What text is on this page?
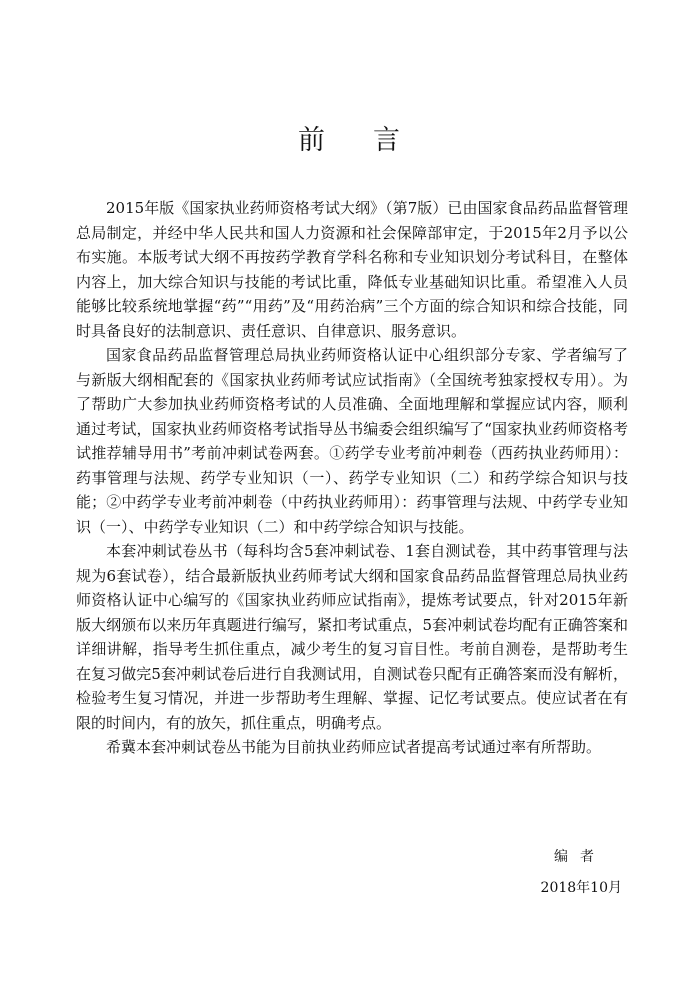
前言

2015年版《国家执业药师资格考试大纲》（第7版）已由国家食品药品监督管理总局制定，并经中华人民共和国人力资源和社会保障部审定，于2015年2月予以公布实施。本版考试大纲不再按药学教育学科名称和专业知识划分考试科目，在整体内容上，加大综合知识与技能的考试比重，降低专业基础知识比重。希望准入人员能够比较系统地掌握“药”“用药”及“用药治病”三个方面的综合知识和综合技能，同时具备良好的法制意识、责任意识、自律意识、服务意识。

国家食品药品监督管理总局执业药师资格认证中心组织部分专家、学者编写了与新版大纲相配套的《国家执业药师考试应试指南》（全国统考独家授权专用）。为了帮助广大参加执业药师资格考试的人员准确、全面地理解和掌握应试内容，顺利通过考试，国家执业药师资格考试指导丛书编委会组织编写了“国家执业药师资格考试推荐辅导用书”考前冲刺试卷两套。①药学专业考前冲刺卷（西药执业药师用）：药事管理与法规、药学专业知识（一）、药学专业知识（二）和药学综合知识与技能；②中药学专业考前冲刺卷（中药执业药师用）：药事管理与法规、中药学专业知识（一）、中药学专业知识（二）和中药学综合知识与技能。

本套冲刺试卷丛书（每科均含5套冲刺试卷、1套自测试卷，其中药事管理与法规为6套试卷），结合最新版执业药师考试大纲和国家食品药品监督管理总局执业药师资格认证中心编写的《国家执业药师应试指南》，提炼考试要点，针对2015年新版大纲颁布以来历年真题进行编写，紧扣考试重点，5套冲刺试卷均配有正确答案和详细讲解，指导考生抓住重点，减少考生的复习盲目性。考前自测卷，是帮助考生在复习做完5套冲刺试卷后进行自我测试用，自测试卷只配有正确答案而没有解析，检验考生复习情况，并进一步帮助考生理解、掌握、记忆考试要点。使应试者在有限的时间内，有的放矢，抓住重点，明确考点。

希冀本套冲刺试卷丛书能为目前执业药师应试者提高考试通过率有所帮助。

编者
2018年10月
